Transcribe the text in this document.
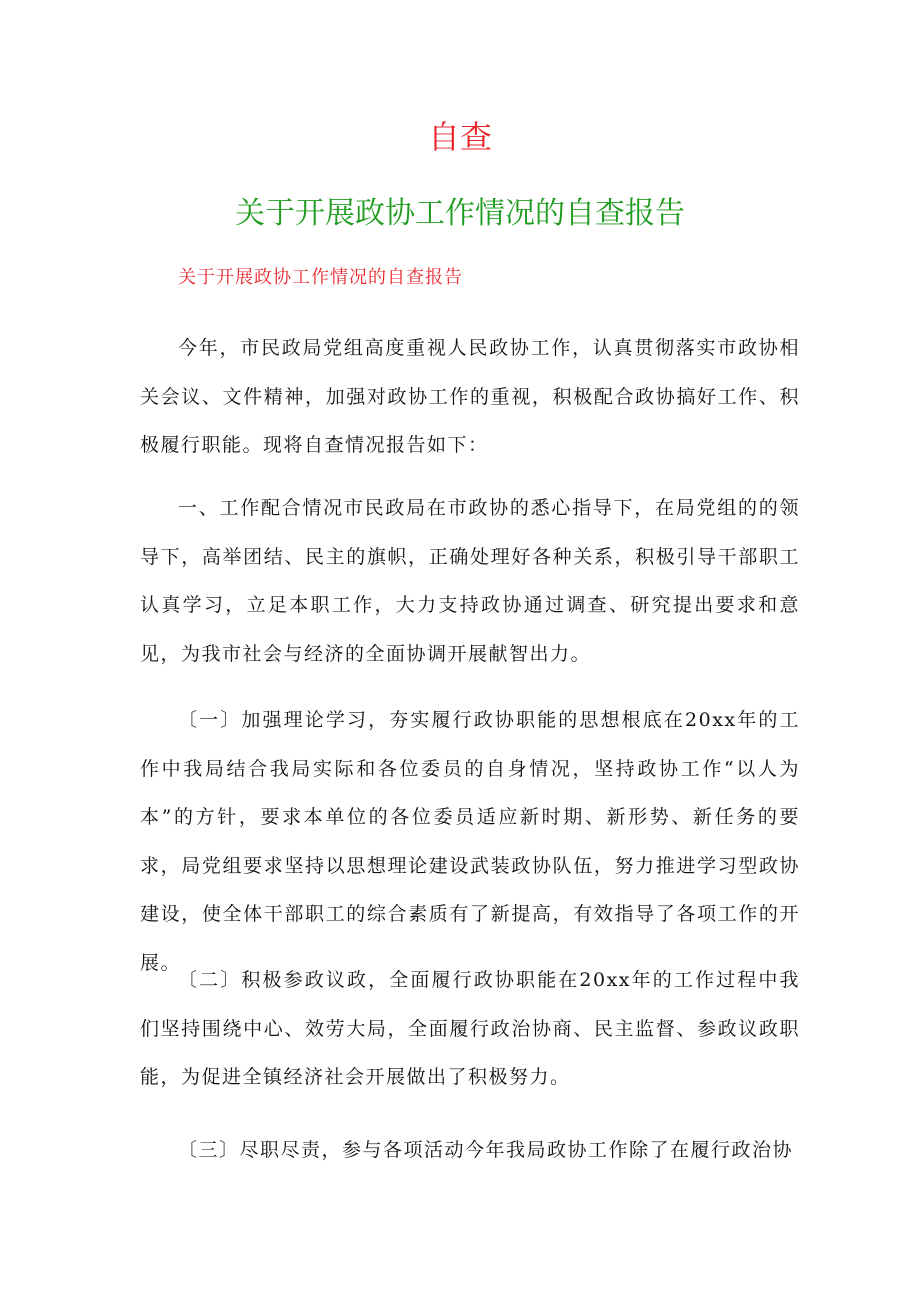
自查
关于开展政协工作情况的自查报告
关于开展政协工作情况的自查报告

今年，市民政局党组高度重视人民政协工作，认真贯彻落实市政协相关会议、文件精神，加强对政协工作的重视，积极配合政协搞好工作、积极履行职能。现将自查情况报告如下：

一、工作配合情况市民政局在市政协的悉心指导下，在局党组的的领导下，高举团结、民主的旗帜，正确处理好各种关系，积极引导干部职工认真学习，立足本职工作，大力支持政协通过调查、研究提出要求和意见，为我市社会与经济的全面协调开展献智出力。

〔一〕加强理论学习，夯实履行政协职能的思想根底在20xx年的工作中我局结合我局实际和各位委员的自身情况，坚持政协工作“以人为本”的方针，要求本单位的各位委员适应新时期、新形势、新任务的要求，局党组要求坚持以思想理论建设武装政协队伍，努力推进学习型政协建设，使全体干部职工的综合素质有了新提高，有效指导了各项工作的开展。

〔二〕积极参政议政，全面履行政协职能在20xx年的工作过程中我们坚持围绕中心、效劳大局，全面履行政治协商、民主监督、参政议政职能，为促进全镇经济社会开展做出了积极努力。

〔三〕尽职尽责，参与各项活动今年我局政协工作除了在履行政治协
